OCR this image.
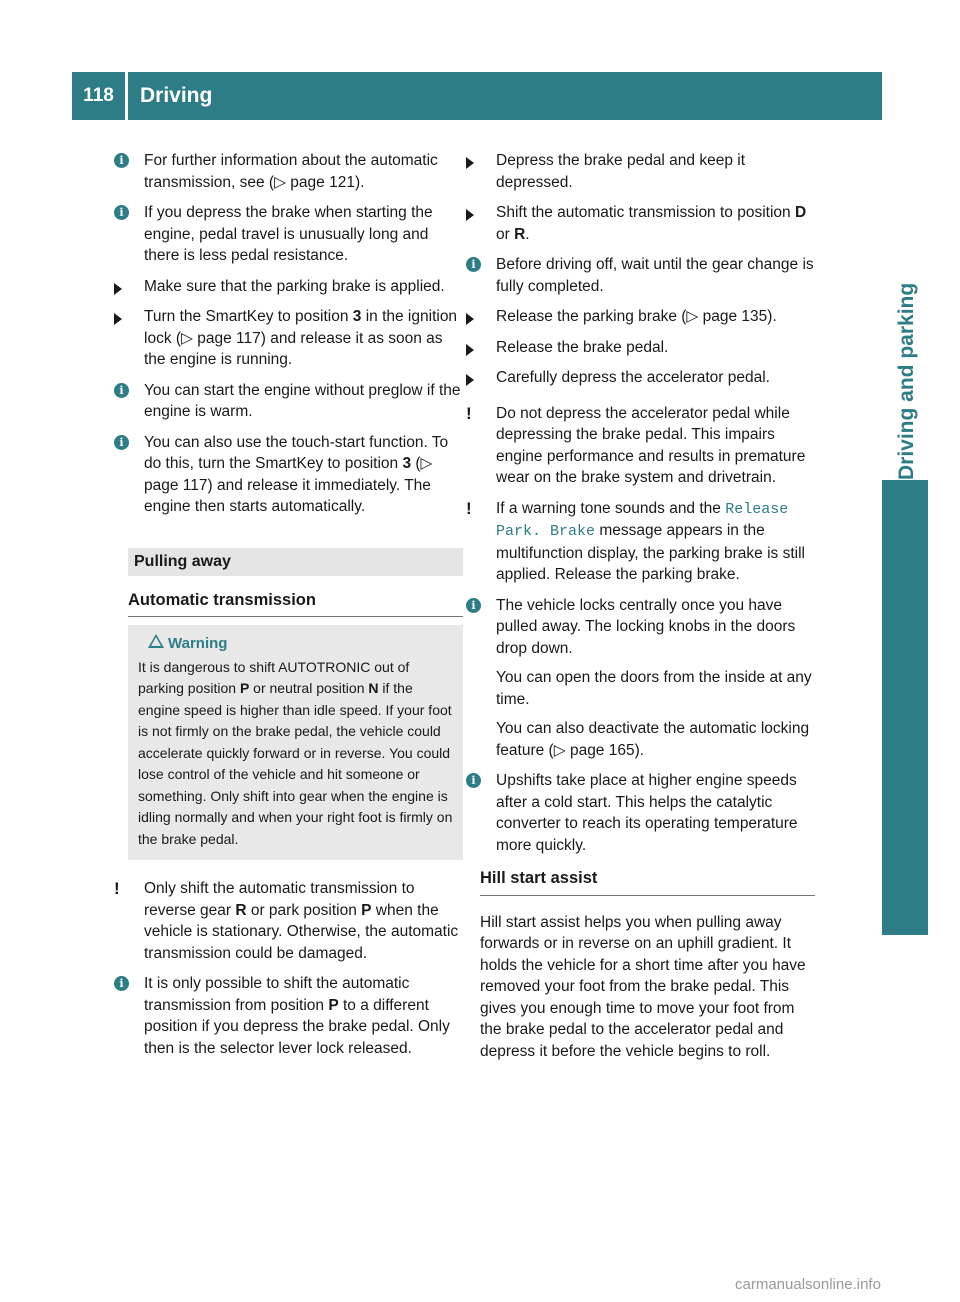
118	Driving
Driving and parking
i	For further information about the automatic transmission, see (▷ page 121).
i	If you depress the brake when starting the engine, pedal travel is unusually long and there is less pedal resistance.
Make sure that the parking brake is applied.
Turn the SmartKey to position 3 in the ignition lock (▷ page 117) and release it as soon as the engine is running.
i	You can start the engine without preglow if the engine is warm.
i	You can also use the touch-start function. To do this, turn the SmartKey to position 3 (▷ page 117) and release it immediately. The engine then starts automatically.
Pulling away
Automatic transmission
Warning
It is dangerous to shift AUTOTRONIC out of parking position P or neutral position N if the engine speed is higher than idle speed. If your foot is not firmly on the brake pedal, the vehicle could accelerate quickly forward or in reverse. You could lose control of the vehicle and hit someone or something. Only shift into gear when the engine is idling normally and when your right foot is firmly on the brake pedal.
!	Only shift the automatic transmission to reverse gear R or park position P when the vehicle is stationary. Otherwise, the automatic transmission could be damaged.
i	It is only possible to shift the automatic transmission from position P to a different position if you depress the brake pedal. Only then is the selector lever lock released.
Depress the brake pedal and keep it depressed.
Shift the automatic transmission to position D or R.
i	Before driving off, wait until the gear change is fully completed.
Release the parking brake (▷ page 135).
Release the brake pedal.
Carefully depress the accelerator pedal.
!	Do not depress the accelerator pedal while depressing the brake pedal. This impairs engine performance and results in premature wear on the brake system and drivetrain.
!	If a warning tone sounds and the Release Park. Brake message appears in the multifunction display, the parking brake is still applied. Release the parking brake.
i	The vehicle locks centrally once you have pulled away. The locking knobs in the doors drop down.
You can open the doors from the inside at any time.
You can also deactivate the automatic locking feature (▷ page 165).
i	Upshifts take place at higher engine speeds after a cold start. This helps the catalytic converter to reach its operating temperature more quickly.
Hill start assist
Hill start assist helps you when pulling away forwards or in reverse on an uphill gradient. It holds the vehicle for a short time after you have removed your foot from the brake pedal. This gives you enough time to move your foot from the brake pedal to the accelerator pedal and depress it before the vehicle begins to roll.
carmanualsonline.info
